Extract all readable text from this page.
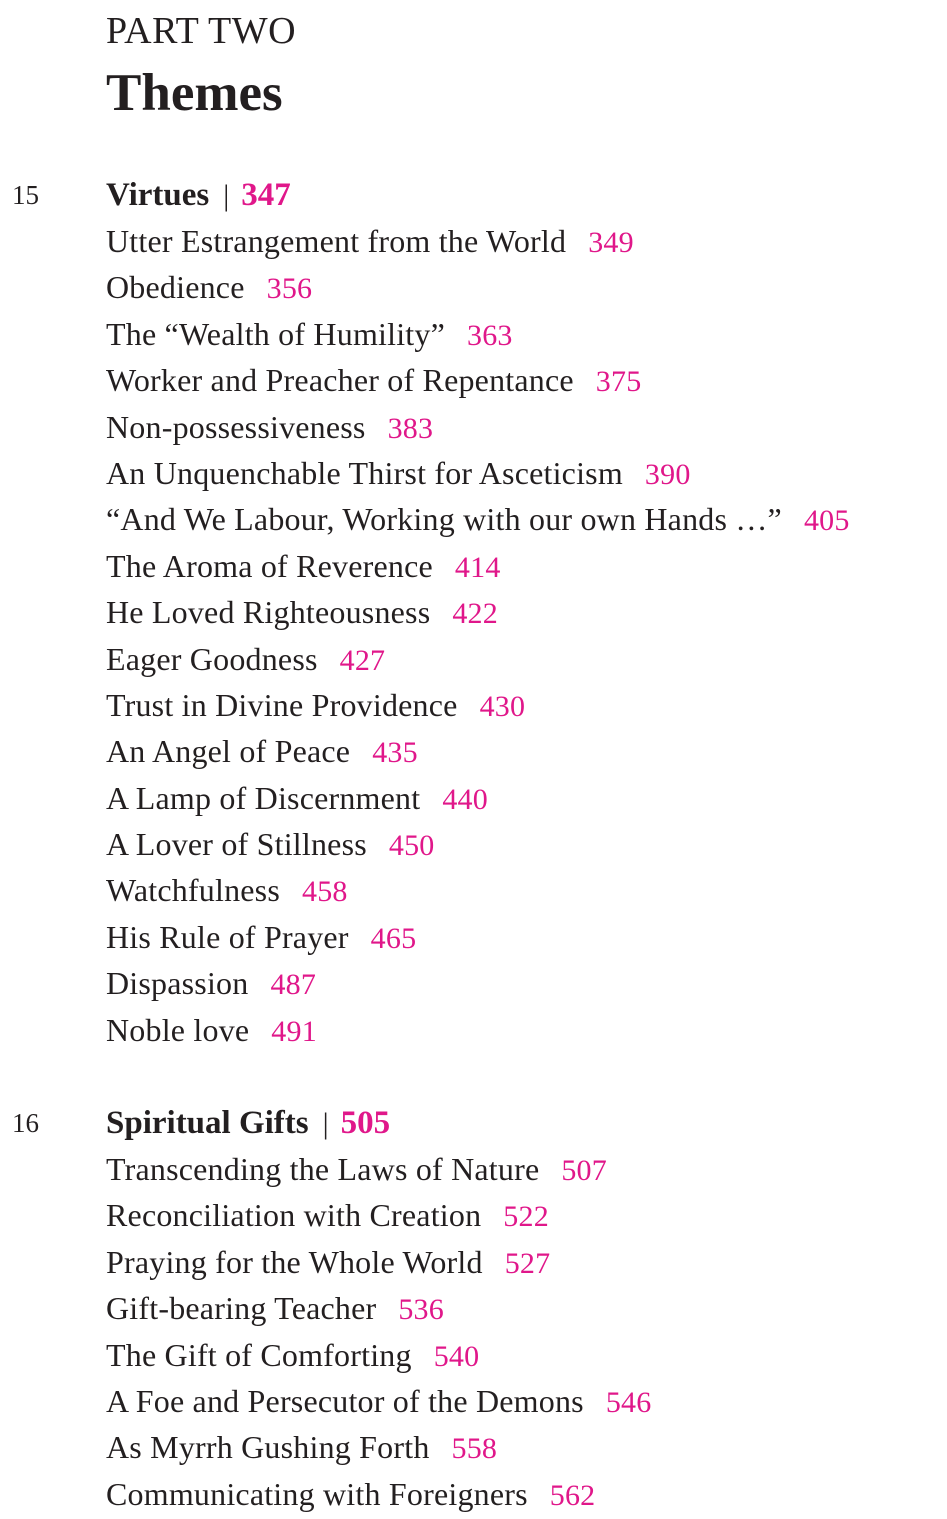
PART TWO
Themes
15 Virtues | 347
Utter Estrangement from the World 349
Obedience 356
The “Wealth of Humility” 363
Worker and Preacher of Repentance 375
Non-possessiveness 383
An Unquenchable Thirst for Asceticism 390
“And We Labour, Working with our own Hands …” 405
The Aroma of Reverence 414
He Loved Righteousness 422
Eager Goodness 427
Trust in Divine Providence 430
An Angel of Peace 435
A Lamp of Discernment 440
A Lover of Stillness 450
Watchfulness 458
His Rule of Prayer 465
Dispassion 487
Noble love 491
16 Spiritual Gifts | 505
Transcending the Laws of Nature 507
Reconciliation with Creation 522
Praying for the Whole World 527
Gift-bearing Teacher 536
The Gift of Comforting 540
A Foe and Persecutor of the Demons 546
As Myrrh Gushing Forth 558
Communicating with Foreigners 562
